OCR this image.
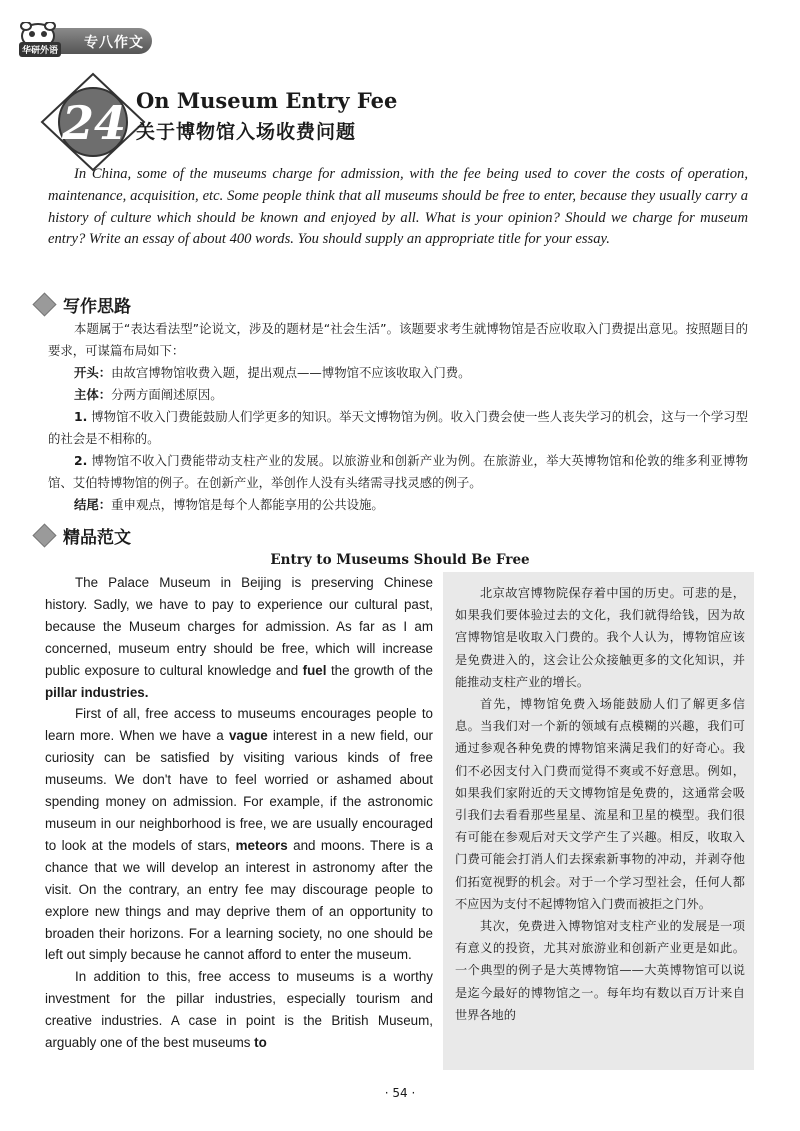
专八作文
华研外语
24 On Museum Entry Fee
关于博物馆入场收费问题
In China, some of the museums charge for admission, with the fee being used to cover the costs of operation, maintenance, acquisition, etc. Some people think that all museums should be free to enter, because they usually carry a history of culture which should be known and enjoyed by all. What is your opinion? Should we charge for museum entry? Write an essay of about 400 words. You should supply an appropriate title for your essay.
写作思路

本题属于“表达看法型”论说文，涉及的题材是“社会生活”。该题要求考生就博物馆是否应收取入门费提出意见。按照题目的要求，可谋篇布局如下：

开头：由故宫博物馆收费入题，提出观点——博物馆不应该收取入门费。

主体：分两方面阐述原因。

1. 博物馆不收入门费能鼓励人们学更多的知识。举天文博物馆为例。收入门费会使一些人丧失学习的机会，这与一个学习型的社会是不相称的。

2. 博物馆不收入门费能带动支柱产业的发展。以旅游业和创新产业为例。在旅游业，举大英博物馆和伦敦的维多利亚博物馆、艾伯特博物馆的例子。在创新产业，举创作人没有头绪需寻找灵感的例子。

结尾：重申观点，博物馆是每个人都能享用的公共设施。

精品范文
Entry to Museums Should Be Free

The Palace Museum in Beijing is preserving Chinese history. Sadly, we have to pay to experience our cultural past, because the Museum charges for admission. As far as I am concerned, museum entry should be free, which will increase public exposure to cultural knowledge and fuel the growth of the pillar industries.

First of all, free access to museums encourages people to learn more. When we have a vague interest in a new field, our curiosity can be satisfied by visiting various kinds of free museums. We don't have to feel worried or ashamed about spending money on admission. For example, if the astronomic museum in our neighborhood is free, we are usually encouraged to look at the models of stars, meteors and moons. There is a chance that we will develop an interest in astronomy after the visit. On the contrary, an entry fee may discourage people to explore new things and may deprive them of an opportunity to broaden their horizons. For a learning society, no one should be left out simply because he cannot afford to enter the museum.

In addition to this, free access to museums is a worthy investment for the pillar industries, especially tourism and creative industries. A case in point is the British Museum, arguably one of the best museums to

北京故宫博物院保存着中国的历史。可悲的是，如果我们要体验过去的文化，我们就得给钱，因为故宫博物馆是收取入门费的。我个人认为，博物馆应该是免费进入的，这会让公众接触更多的文化知识，并能推动支柱产业的增长。

首先，博物馆免费入场能鼓励人们了解更多信息。当我们对一个新的领域有点模糊的兴趣，我们可通过参观各种免费的博物馆来满足我们的好奇心。我们不必因支付入门费而觉得不爽或不好意思。例如，如果我们家附近的天文博物馆是免费的，这通常会吸引我们去看看那些星星、流星和卫星的模型。我们很有可能在参观后对天文学产生了兴趣。相反，收取入门费可能会打消人们去探索新事物的冲动，并剥夺他们拓宽视野的机会。对于一个学习型社会，任何人都不应因为支付不起博物馆入门费而被拒之门外。

其次，免费进入博物馆对支柱产业的发展是一项有意义的投资，尤其对旅游业和创新产业更是如此。一个典型的例子是大英博物馆——大英博物馆可以说是迄今最好的博物馆之一。每年均有数以百万计来自世界各地的

· 54 ·
